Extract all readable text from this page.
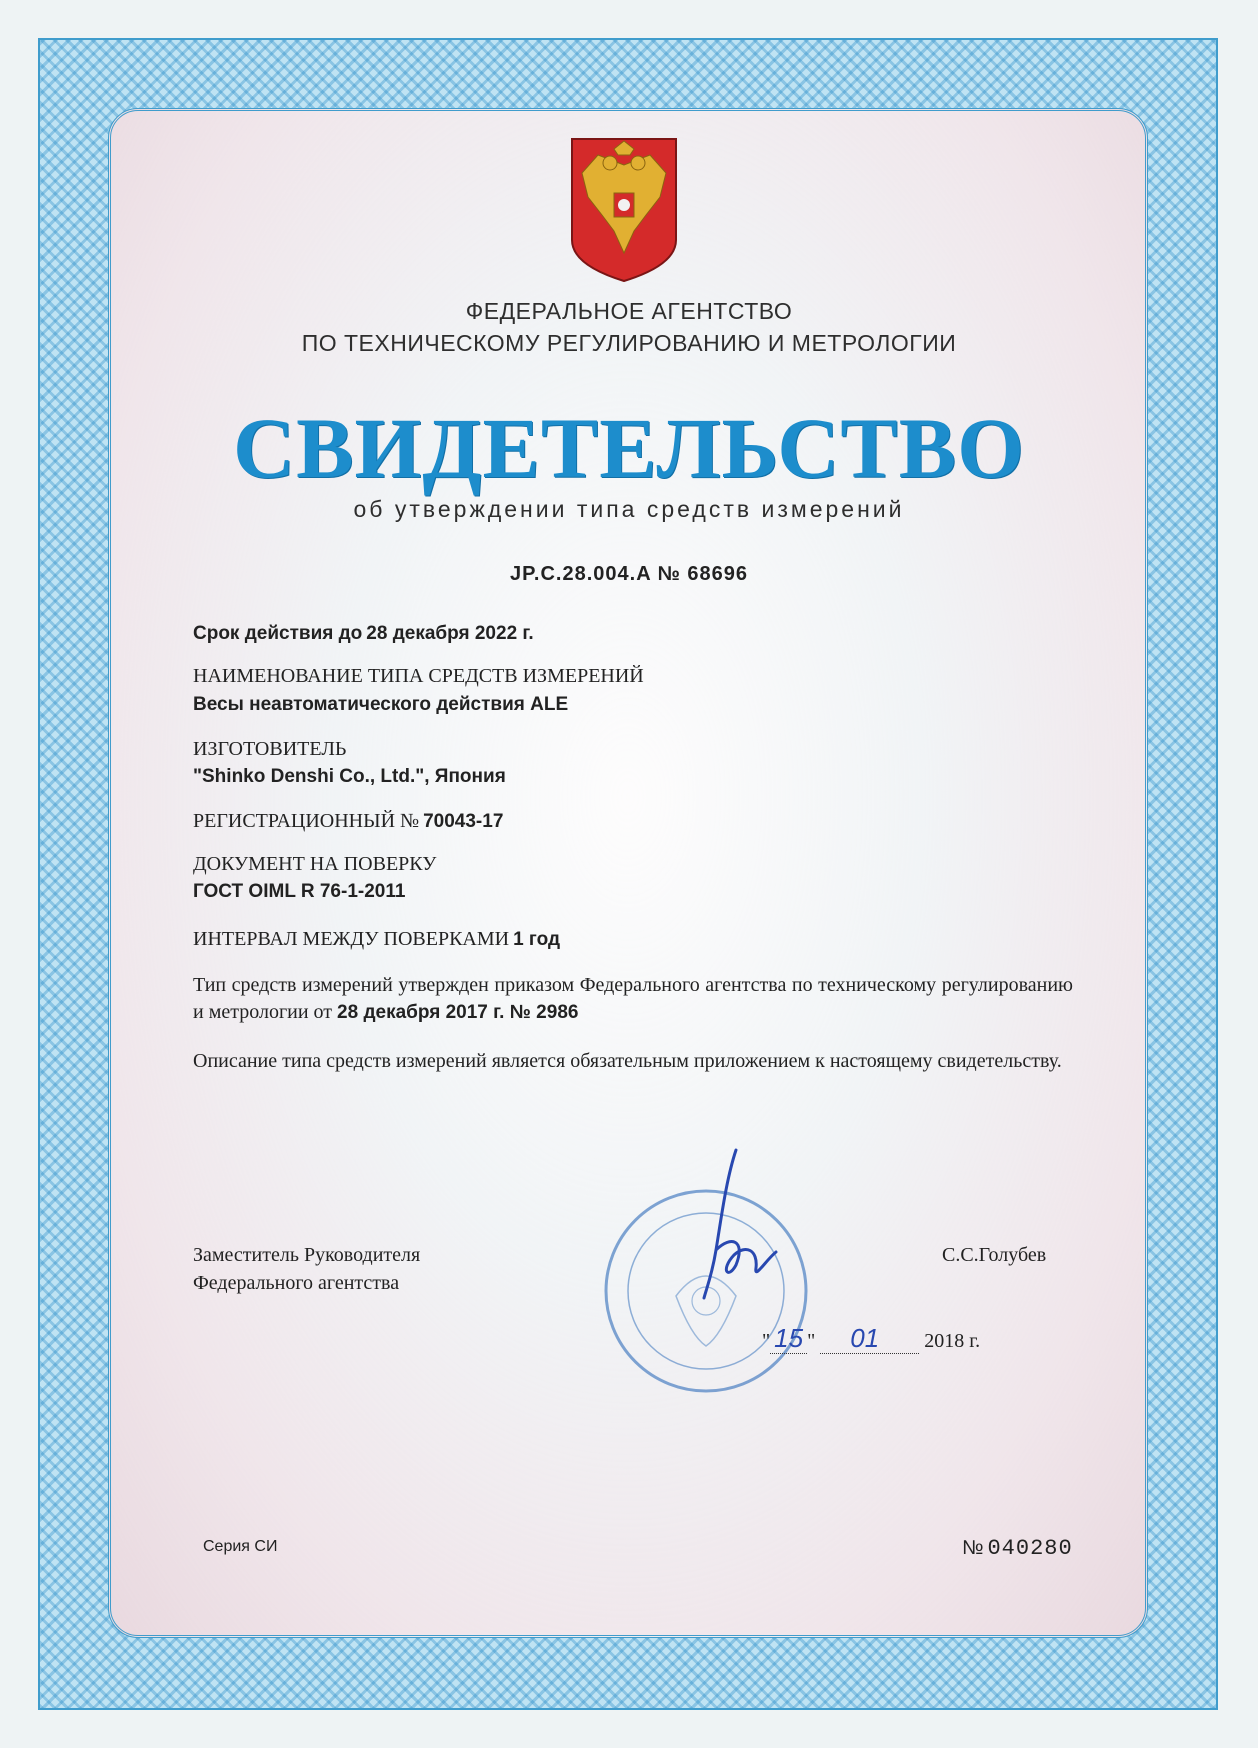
ФЕДЕРАЛЬНОЕ АГЕНТСТВО
ПО ТЕХНИЧЕСКОМУ РЕГУЛИРОВАНИЮ И МЕТРОЛОГИИ
СВИДЕТЕЛЬСТВО
об утверждении типа средств измерений
JP.C.28.004.A № 68696
Срок действия до 28 декабря 2022 г.
НАИМЕНОВАНИЕ ТИПА СРЕДСТВ ИЗМЕРЕНИЙ
Весы неавтоматического действия ALE
ИЗГОТОВИТЕЛЬ
"Shinko Denshi Co., Ltd.", Япония
РЕГИСТРАЦИОННЫЙ № 70043-17
ДОКУМЕНТ НА ПОВЕРКУ
ГОСТ OIML R 76-1-2011
ИНТЕРВАЛ МЕЖДУ ПОВЕРКАМИ 1 год
Тип средств измерений утвержден приказом Федерального агентства по техническому регулированию и метрологии от 28 декабря 2017 г. № 2986
Описание типа средств измерений является обязательным приложением к настоящему свидетельству.
Заместитель Руководителя
Федерального агентства
С.С.Голубев
" 15 " 01 2018 г.
Серия СИ	№ 040280
